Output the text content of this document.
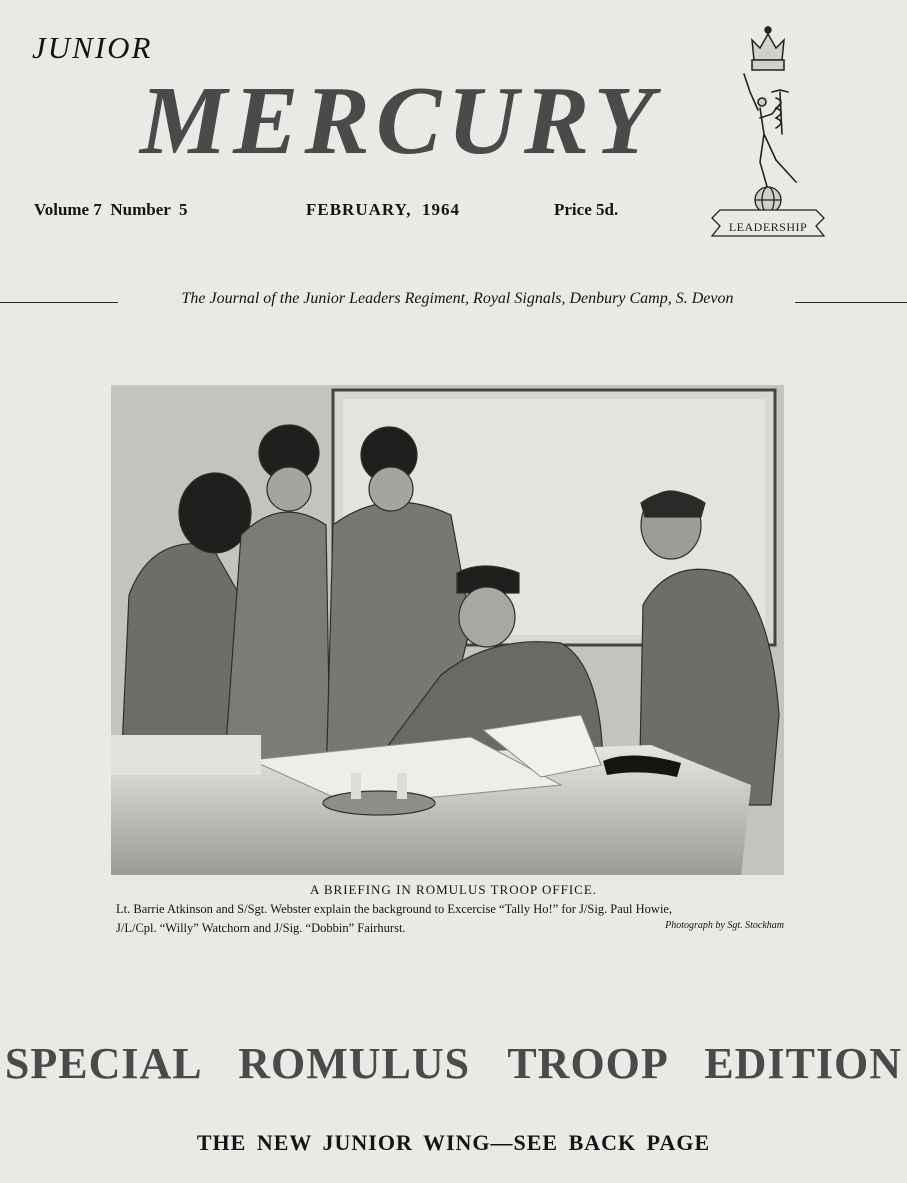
JUNIOR
MERCURY
Volume 7  Number  5	FEBRUARY,  1964	Price 5d.
LEADERSHIP
The Journal of the Junior Leaders Regiment, Royal Signals, Denbury Camp, S. Devon
A BRIEFING IN ROMULUS TROOP OFFICE.
Lt. Barrie Atkinson and S/Sgt. Webster explain the background to Excercise “Tally Ho!” for J/Sig. Paul Howie,
J/L/Cpl. “Willy” Watchorn and J/Sig. “Dobbin” Fairhurst.	Photograph by Sgt. Stockham
SPECIAL ROMULUS TROOP EDITION
THE NEW JUNIOR WING—SEE BACK PAGE
